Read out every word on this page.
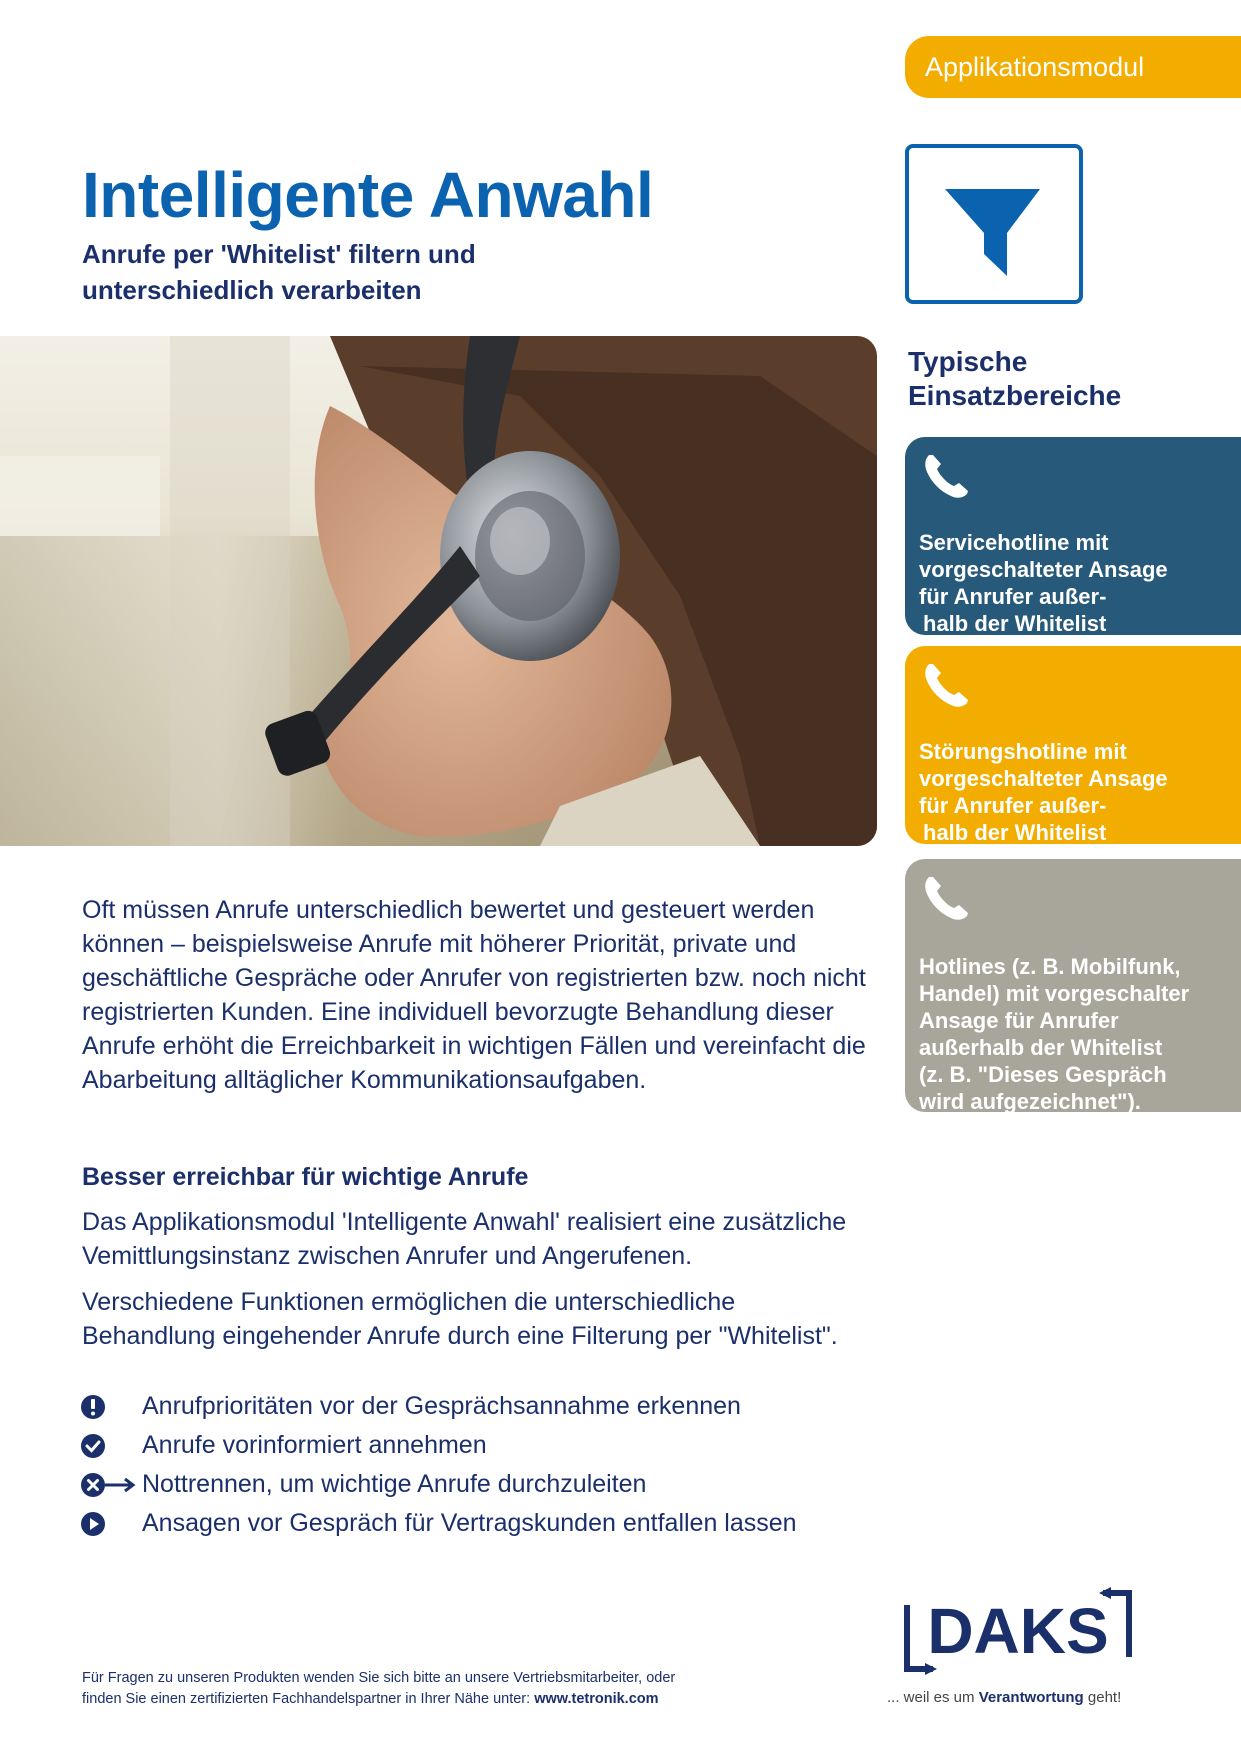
Applikationsmodul
Intelligente Anwahl
Anrufe per 'Whitelist' filtern und
unterschiedlich verarbeiten
Typische
Einsatzbereiche
Servicehotline mit
vorgeschalteter Ansage
für Anrufer außer-
halb der Whitelist
Störungshotline mit
vorgeschalteter Ansage
für Anrufer außer-
halb der Whitelist
Hotlines (z. B. Mobilfunk,
Handel) mit vorgeschalter
Ansage für Anrufer
außerhalb der Whitelist
(z. B. "Dieses Gespräch
wird aufgezeichnet").
Oft müssen Anrufe unterschiedlich bewertet und gesteuert werden können – beispielsweise Anrufe mit höherer Priorität, private und geschäftliche Gespräche oder Anrufer von registrierten bzw. noch nicht registrierten Kunden. Eine individuell bevorzugte Behandlung dieser Anrufe erhöht die Erreichbarkeit in wichtigen Fällen und vereinfacht die Abarbeitung alltäglicher Kommunikationsaufgaben.
Besser erreichbar für wichtige Anrufe
Das Applikationsmodul 'Intelligente Anwahl' realisiert eine zusätzliche Vemittlungsinstanz zwischen Anrufer und Angerufenen.
Verschiedene Funktionen ermöglichen die unterschiedliche Behandlung eingehender Anrufe durch eine Filterung per "Whitelist".
Anrufprioritäten vor der Gesprächsannahme erkennen
Anrufe vorinformiert annehmen
Nottrennen, um wichtige Anrufe durchzuleiten
Ansagen vor Gespräch für Vertragskunden entfallen lassen
Für Fragen zu unseren Produkten wenden Sie sich bitte an unsere Vertriebsmitarbeiter, oder
finden Sie einen zertifizierten Fachhandelspartner in Ihrer Nähe unter: www.tetronik.com
DAKS
... weil es um Verantwortung geht!
